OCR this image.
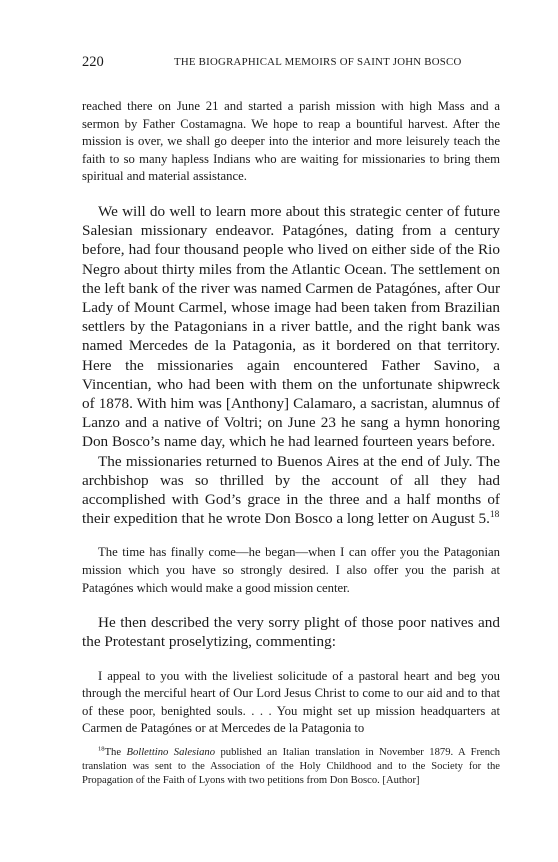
220	THE BIOGRAPHICAL MEMOIRS OF SAINT JOHN BOSCO

reached there on June 21 and started a parish mission with high Mass and a sermon by Father Costamagna. We hope to reap a bountiful harvest. After the mission is over, we shall go deeper into the interior and more leisurely teach the faith to so many hapless Indians who are waiting for missionaries to bring them spiritual and material assistance.

We will do well to learn more about this strategic center of future Salesian missionary endeavor. Patagónes, dating from a century before, had four thousand people who lived on either side of the Rio Negro about thirty miles from the Atlantic Ocean. The settlement on the left bank of the river was named Carmen de Patagónes, after Our Lady of Mount Carmel, whose image had been taken from Brazilian settlers by the Patagonians in a river battle, and the right bank was named Mercedes de la Patagonia, as it bordered on that territory. Here the missionaries again encountered Father Savino, a Vincentian, who had been with them on the unfortunate shipwreck of 1878. With him was [Anthony] Calamaro, a sacristan, alumnus of Lanzo and a native of Voltri; on June 23 he sang a hymn honoring Don Bosco’s name day, which he had learned fourteen years before.

The missionaries returned to Buenos Aires at the end of July. The archbishop was so thrilled by the account of all they had accomplished with God’s grace in the three and a half months of their expedition that he wrote Don Bosco a long letter on August 5.18

The time has finally come—he began—when I can offer you the Patagonian mission which you have so strongly desired. I also offer you the parish at Patagónes which would make a good mission center.

He then described the very sorry plight of those poor natives and the Protestant proselytizing, commenting:

I appeal to you with the liveliest solicitude of a pastoral heart and beg you through the merciful heart of Our Lord Jesus Christ to come to our aid and to that of these poor, benighted souls. . . . You might set up mission headquarters at Carmen de Patagónes or at Mercedes de la Patagonia to

$^{18}$The Bollettino Salesiano published an Italian translation in November 1879. A French translation was sent to the Association of the Holy Childhood and to the Society for the Propagation of the Faith of Lyons with two petitions from Don Bosco. [Author]
